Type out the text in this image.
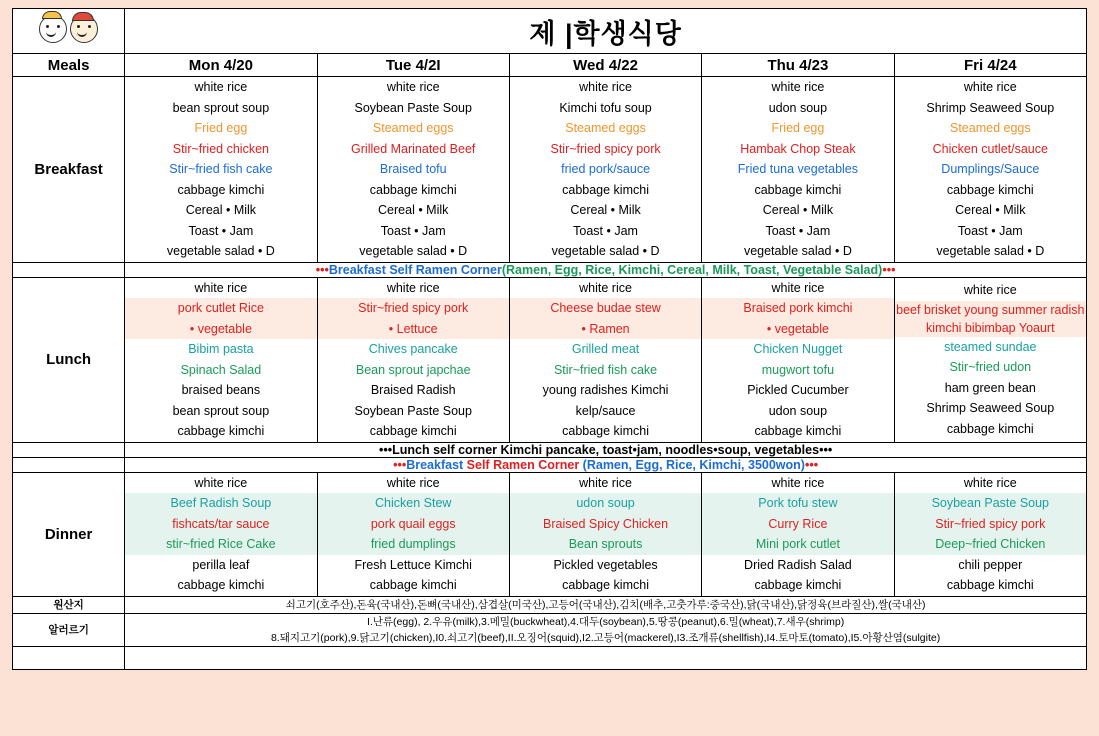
	제 |학생식당				
Meals	Mon 4/20	Tue 4/2I	Wed 4/22	Thu 4/23	Fri 4/24
Breakfast	
white rice
bean sprout soup
Fried egg
Stir~fried chicken
Stir~fried fish cake
cabbage kimchi
Cereal • Milk
Toast • Jam
vegetable salad • D

white rice
Soybean Paste Soup
Steamed eggs
Grilled Marinated Beef
Braised tofu
cabbage kimchi
Cereal • Milk
Toast • Jam
vegetable salad • D

white rice
Kimchi tofu soup
Steamed eggs
Stir~fried spicy pork
fried pork/sauce
cabbage kimchi
Cereal • Milk
Toast • Jam
vegetable salad • D

white rice
udon soup
Fried egg
Hambak Chop Steak
Fried tuna vegetables
cabbage kimchi
Cereal • Milk
Toast • Jam
vegetable salad • D

white rice
Shrimp Seaweed Soup
Steamed eggs
Chicken cutlet/sauce
Dumplings/Sauce
cabbage kimchi
Cereal • Milk
Toast • Jam
vegetable salad • D

	•••Breakfast Self Ramen Corner(Ramen, Egg, Rice, Kimchi, Cereal, Milk, Toast, Vegetable Salad)•••				
Lunch	
white rice
pork cutlet Rice
• vegetable
Bibim pasta
Spinach Salad
braised beans
bean sprout soup
cabbage kimchi

white rice
Stir~fried spicy pork
• Lettuce
Chives pancake
Bean sprout japchae
Braised Radish
Soybean Paste Soup
cabbage kimchi

white rice
Cheese budae stew
• Ramen
Grilled meat
Stir~fried fish cake
young radishes Kimchi
kelp/sauce
cabbage kimchi

white rice
Braised pork kimchi
• vegetable
Chicken Nugget
mugwort tofu
Pickled Cucumber
udon soup
cabbage kimchi

white rice
beef brisket young summer radish kimchi bibimbap Yoaurt
steamed sundae
Stir~fried udon
ham green bean
Shrimp Seaweed Soup
cabbage kimchi

	•••Lunch self corner Kimchi pancake, toast•jam, noodles•soup, vegetables•••				
	•••Breakfast Self Ramen Corner (Ramen, Egg, Rice, Kimchi, 3500won)•••				
Dinner	
white rice
Beef Radish Soup
fishcats/tar sauce
stir~fried Rice Cake
perilla leaf
cabbage kimchi

white rice
Chicken Stew
pork quail eggs
fried dumplings
Fresh Lettuce Kimchi
cabbage kimchi

white rice
udon soup
Braised Spicy Chicken
Bean sprouts
Pickled vegetables
cabbage kimchi

white rice
Pork tofu stew
Curry Rice
Mini pork cutlet
Dried Radish Salad
cabbage kimchi

white rice
Soybean Paste Soup
Stir~fried spicy pork
Deep~fried Chicken
chili pepper
cabbage kimchi

원산지	쇠고기(호주산),돈육(국내산),돈뼈(국내산),삼겹살(미국산),고등어(국내산),김치(배추,고춧가루:중국산),닭(국내산),닭정육(브라질산),쌀(국내산)				
알러르기	I.난류(egg), 2.우유(milk),3.메밀(buckwheat),4.대두(soybean),5.땅콩(peanut),6.밀(wheat),7.새우(shrimp)
8.돼지고기(pork),9.닭고기(chicken),I0.쇠고기(beef),II.오징어(squid),I2.고등어(mackerel),I3.조개류(shellfish),I4.토마토(tomato),I5.아황산염(sulgite)				
